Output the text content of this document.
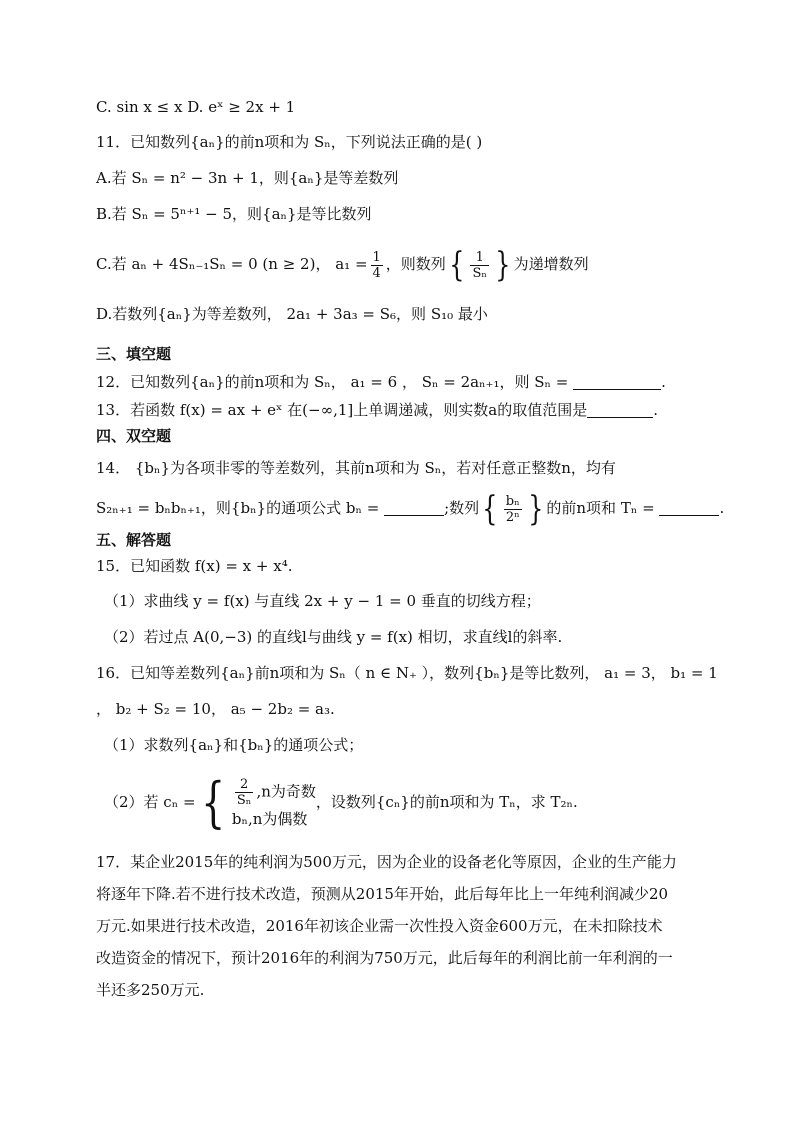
C. sin x ≤ x D. eˣ ≥ 2x + 1
11．已知数列{aₙ}的前n项和为 Sₙ，下列说法正确的是( )
A.若 Sₙ = n² − 3n + 1，则{aₙ}是等差数列
B.若 Sₙ = 5ⁿ⁺¹ − 5，则{aₙ}是等比数列
C.若 aₙ + 4Sₙ₋₁Sₙ = 0 (n ≥ 2)， $a_1 = \frac{1}{4}$ ，则数列{ $\frac{1}{\text{Sₙ}}$ } 为递增数列
D.若数列{aₙ}为等差数列， 2a₁ + 3a₃ = S₆，则 S₁₀ 最小
三、填空题
12．已知数列{aₙ}的前n项和为 Sₙ， a₁ = 6 ， Sₙ = 2aₙ₊₁，则 Sₙ =	.
13．若函数 f(x) = ax + eˣ 在(−∞,1]上单调递减，则实数a的取值范围是	.
四、双空题
14． {bₙ}为各项非零的等差数列，其前n项和为 Sₙ，若对任意正整数n，均有
S₂ₙ₊₁ = bₙbₙ₊₁，则{bₙ}的通项公式 bₙ =	;数列{ $\frac{\text{bₙ}}{\text{2ⁿ}}$ } 的前n项和 Tₙ =	.
五、解答题
15．已知函数 f(x) = x + x⁴.
（1）求曲线 y = f(x) 与直线 2x + y − 1 = 0 垂直的切线方程；
（2）若过点 A(0,−3) 的直线l与曲线 y = f(x) 相切，求直线l的斜率.
16．已知等差数列{aₙ}前n项和为 Sₙ（ n ∈ N₊ ），数列{bₙ}是等比数列， a₁ = 3， b₁ = 1
， b₂ + S₂ = 10， a₅ − 2b₂ = a₃.
（1）求数列{aₙ}和{bₙ}的通项公式；
（2）若 cₙ ={ $\frac{2}{\text{Sₙ}} ,n$为奇数
bₙ,n为偶数
，设数列{cₙ}的前n项和为 Tₙ，求 T₂ₙ.
17．某企业2015年的纯利润为500万元，因为企业的设备老化等原因，企业的生产能力
将逐年下降.若不进行技术改造，预测从2015年开始，此后每年比上一年纯利润减少20
万元.如果进行技术改造，2016年初该企业需一次性投入资金600万元，在未扣除技术
改造资金的情况下，预计2016年的利润为750万元，此后每年的利润比前一年利润的一
半还多250万元.
